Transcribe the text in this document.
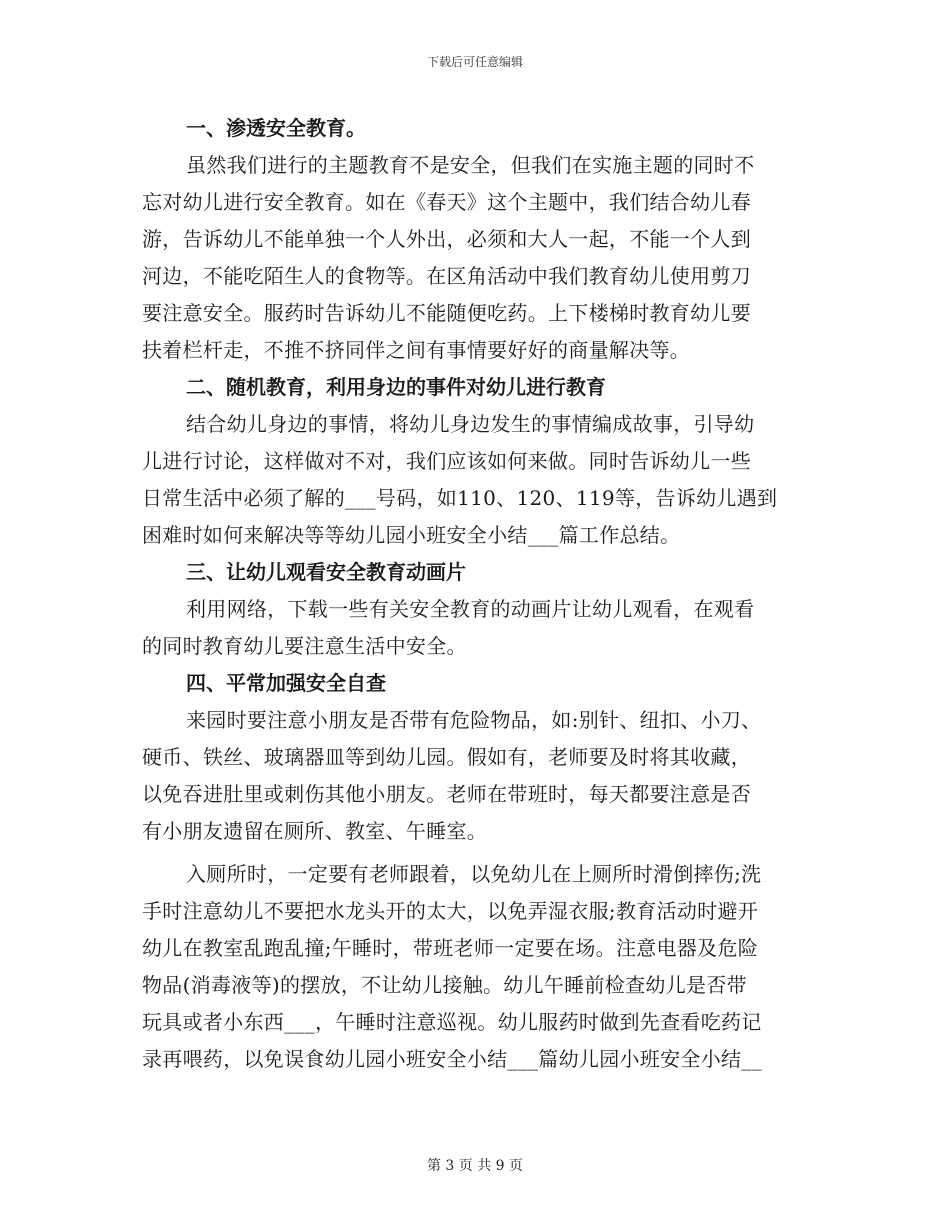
下载后可任意编辑

一、渗透安全教育。

虽然我们进行的主题教育不是安全，但我们在实施主题的同时不

忘对幼儿进行安全教育。如在《春天》这个主题中，我们结合幼儿春

游，告诉幼儿不能单独一个人外出，必须和大人一起，不能一个人到

河边，不能吃陌生人的食物等。在区角活动中我们教育幼儿使用剪刀

要注意安全。服药时告诉幼儿不能随便吃药。上下楼梯时教育幼儿要

扶着栏杆走，不推不挤同伴之间有事情要好好的商量解决等。

二、随机教育，利用身边的事件对幼儿进行教育

结合幼儿身边的事情，将幼儿身边发生的事情编成故事，引导幼

儿进行讨论，这样做对不对，我们应该如何来做。同时告诉幼儿一些

日常生活中必须了解的___号码，如110、120、119等，告诉幼儿遇到

困难时如何来解决等等幼儿园小班安全小结___篇工作总结。

三、让幼儿观看安全教育动画片

利用网络，下载一些有关安全教育的动画片让幼儿观看，在观看

的同时教育幼儿要注意生活中安全。

四、平常加强安全自查

来园时要注意小朋友是否带有危险物品，如:别针、纽扣、小刀、

硬币、铁丝、玻璃器皿等到幼儿园。假如有，老师要及时将其收藏，

以免吞进肚里或刺伤其他小朋友。老师在带班时，每天都要注意是否

有小朋友遗留在厕所、教室、午睡室。

入厕所时，一定要有老师跟着，以免幼儿在上厕所时滑倒摔伤;洗

手时注意幼儿不要把水龙头开的太大，以免弄湿衣服;教育活动时避开

幼儿在教室乱跑乱撞;午睡时，带班老师一定要在场。注意电器及危险

物品(消毒液等)的摆放，不让幼儿接触。幼儿午睡前检查幼儿是否带

玩具或者小东西___，午睡时注意巡视。幼儿服药时做到先查看吃药记

录再喂药，以免误食幼儿园小班安全小结___篇幼儿园小班安全小结__

第 3 页 共 9 页
